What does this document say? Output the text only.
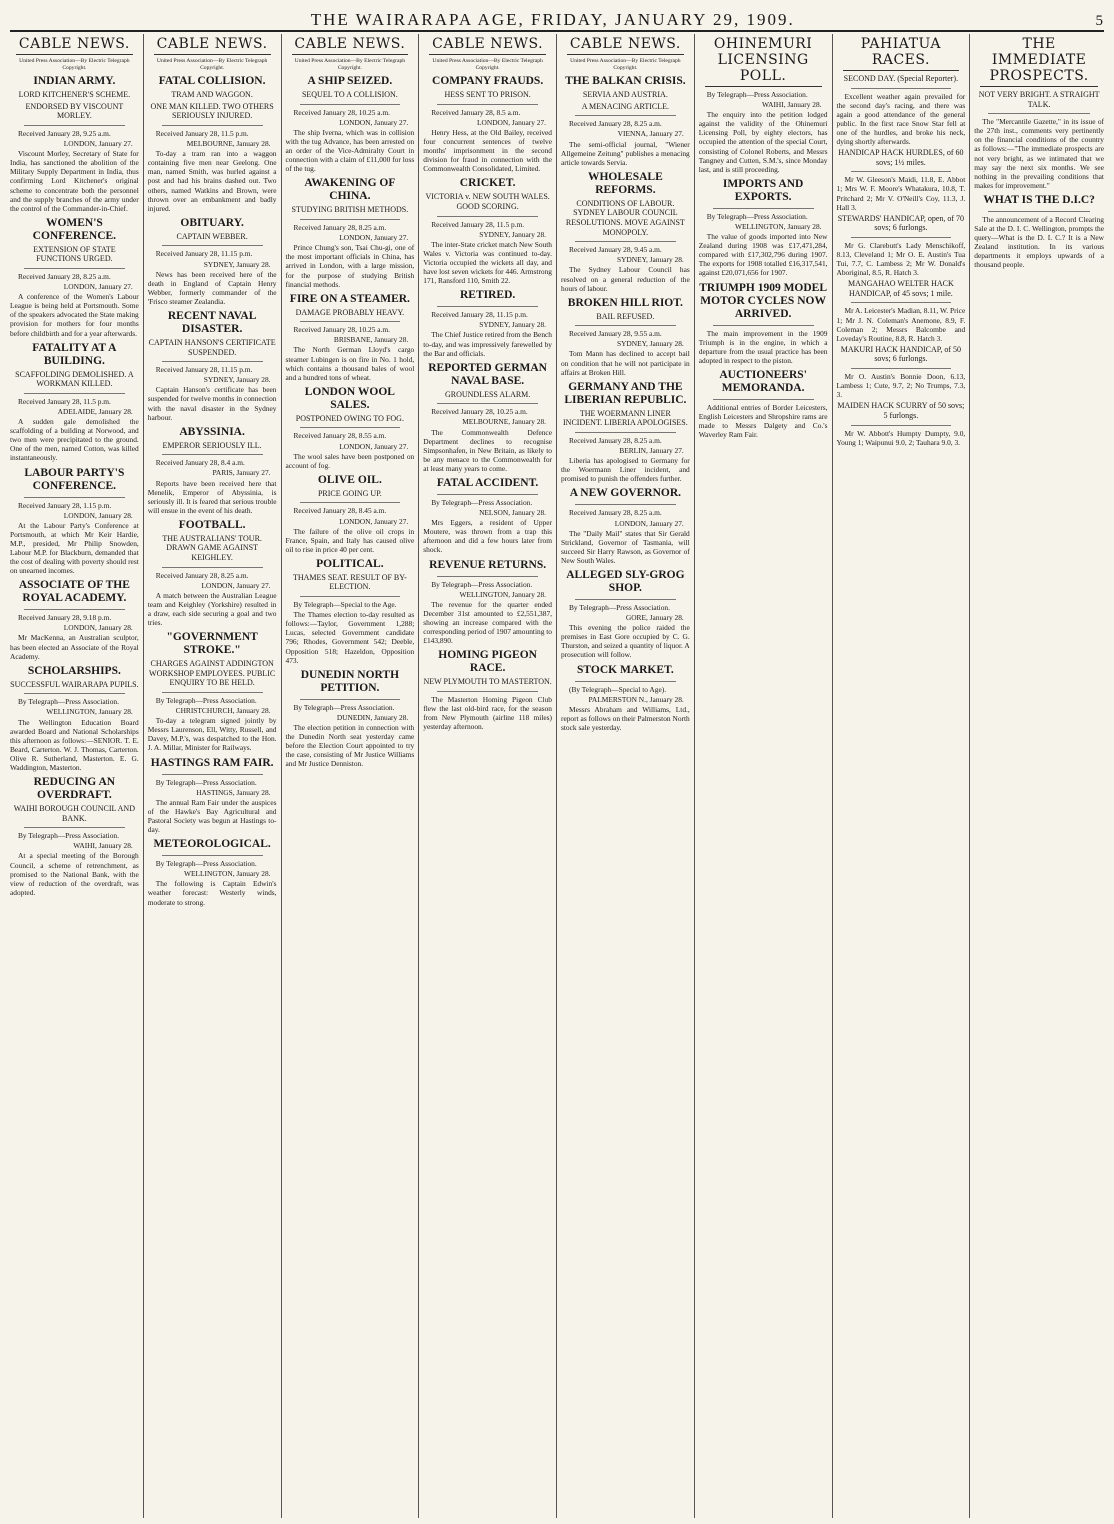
THE WAIRARAPA AGE, FRIDAY, JANUARY 29, 1909.	5
CABLE NEWS.
United Press Association—By Electric Telegraph Copyright.
INDIAN ARMY.
LORD KITCHENER'S SCHEME.
ENDORSED BY VISCOUNT MORLEY.
Received January 28, 9.25 a.m.
LONDON, January 27.

Viscount Morley, Secretary of State for India, has sanctioned the abolition of the Military Supply Department in India, thus confirming Lord Kitchener's original scheme to concentrate both the personnel and the supply branches of the army under the control of the Commander-in-Chief.

WOMEN'S CONFERENCE.
EXTENSION OF STATE FUNCTIONS URGED.
Received January 28, 8.25 a.m.
LONDON, January 27.

A conference of the Women's Labour League is being held at Portsmouth. Some of the speakers advocated the State making provision for mothers for four months before childbirth and for a year afterwards.

FATALITY AT A BUILDING.
SCAFFOLDING DEMOLISHED. A WORKMAN KILLED.
Received January 28, 11.5 p.m.
ADELAIDE, January 28.

A sudden gale demolished the scaffolding of a building at Norwood, and two men were precipitated to the ground. One of the men, named Cotton, was killed instantaneously.

LABOUR PARTY'S CONFERENCE.
Received January 28, 1.15 p.m.
LONDON, January 28.

At the Labour Party's Conference at Portsmouth, at which Mr Keir Hardie, M.P., presided, Mr Philip Snowden, Labour M.P. for Blackburn, demanded that the cost of dealing with poverty should rest on unearned incomes.

ASSOCIATE OF THE ROYAL ACADEMY.
Received January 28, 9.18 p.m.
LONDON, January 28.

Mr MacKenna, an Australian sculptor, has been elected an Associate of the Royal Academy.

SCHOLARSHIPS.
SUCCESSFUL WAIRARAPA PUPILS.
By Telegraph—Press Association.
WELLINGTON, January 28.

The Wellington Education Board awarded Board and National Scholarships this afternoon as follows:—SENIOR. T. E. Beard, Carterton. W. J. Thomas, Carterton. Olive R. Sutherland, Masterton. E. G. Waddington, Masterton.

REDUCING AN OVERDRAFT.
WAIHI BOROUGH COUNCIL AND BANK.
By Telegraph—Press Association.
WAIHI, January 28.

At a special meeting of the Borough Council, a scheme of retrenchment, as promised to the National Bank, with the view of reduction of the overdraft, was adopted.

CABLE NEWS.
United Press Association—By Electric Telegraph Copyright.
FATAL COLLISION.
TRAM AND WAGGON.
ONE MAN KILLED. TWO OTHERS SERIOUSLY INJURED.
Received January 28, 11.5 p.m.
MELBOURNE, January 28.

To-day a tram ran into a waggon containing five men near Geelong. One man, named Smith, was hurled against a post and had his brains dashed out. Two others, named Watkins and Brown, were thrown over an embankment and badly injured.

OBITUARY.
CAPTAIN WEBBER.
Received January 28, 11.15 p.m.
SYDNEY, January 28.

News has been received here of the death in England of Captain Henry Webber, formerly commander of the 'Frisco steamer Zealandia.

RECENT NAVAL DISASTER.
CAPTAIN HANSON'S CERTIFICATE SUSPENDED.
Received January 28, 11.15 p.m.
SYDNEY, January 28.

Captain Hanson's certificate has been suspended for twelve months in connection with the naval disaster in the Sydney harbour.

ABYSSINIA.
EMPEROR SERIOUSLY ILL.
Received January 28, 8.4 a.m.
PARIS, January 27.

Reports have been received here that Menelik, Emperor of Abyssinia, is seriously ill. It is feared that serious trouble will ensue in the event of his death.

FOOTBALL.
THE AUSTRALIANS' TOUR. DRAWN GAME AGAINST KEIGHLEY.
Received January 28, 8.25 a.m.
LONDON, January 27.

A match between the Australian League team and Keighley (Yorkshire) resulted in a draw, each side securing a goal and two tries.

"GOVERNMENT STROKE."
CHARGES AGAINST ADDINGTON WORKSHOP EMPLOYEES. PUBLIC ENQUIRY TO BE HELD.
By Telegraph—Press Association.
CHRISTCHURCH, January 28.

To-day a telegram signed jointly by Messrs Laurenson, Ell, Witty, Russell, and Davey, M.P.'s, was despatched to the Hon. J. A. Millar, Minister for Railways.

HASTINGS RAM FAIR.
By Telegraph—Press Association.
HASTINGS, January 28.

The annual Ram Fair under the auspices of the Hawke's Bay Agricultural and Pastoral Society was begun at Hastings to-day.

METEOROLOGICAL.
By Telegraph—Press Association.
WELLINGTON, January 28.

The following is Captain Edwin's weather forecast: Westerly winds, moderate to strong.

CABLE NEWS.
United Press Association—By Electric Telegraph Copyright.
A SHIP SEIZED.
SEQUEL TO A COLLISION.
Received January 28, 10.25 a.m.
LONDON, January 27.

The ship Iverna, which was in collision with the tug Advance, has been arrested on an order of the Vice-Admiralty Court in connection with a claim of £11,000 for loss of the tug.

AWAKENING OF CHINA.
STUDYING BRITISH METHODS.
Received January 28, 8.25 a.m.
LONDON, January 27.

Prince Chung's son, Tsai Chu-gi, one of the most important officials in China, has arrived in London, with a large mission, for the purpose of studying British financial methods.

FIRE ON A STEAMER.
DAMAGE PROBABLY HEAVY.
Received January 28, 10.25 a.m.
BRISBANE, January 28.

The North German Lloyd's cargo steamer Lubingen is on fire in No. 1 hold, which contains a thousand bales of wool and a hundred tons of wheat.

LONDON WOOL SALES.
POSTPONED OWING TO FOG.
Received January 28, 8.55 a.m.
LONDON, January 27.

The wool sales have been postponed on account of fog.

OLIVE OIL.
PRICE GOING UP.
Received January 28, 8.45 a.m.
LONDON, January 27.

The failure of the olive oil crops in France, Spain, and Italy has caused olive oil to rise in price 40 per cent.

POLITICAL.
THAMES SEAT. RESULT OF BY-ELECTION.
By Telegraph—Special to the Age.

The Thames election to-day resulted as follows:—Taylor, Government 1,288; Lucas, selected Government candidate 796; Rhodes, Government 542; Deeble, Opposition 518; Hazeldon, Opposition 473.

DUNEDIN NORTH PETITION.
By Telegraph—Press Association.
DUNEDIN, January 28.

The election petition in connection with the Dunedin North seat yesterday came before the Election Court appointed to try the case, consisting of Mr Justice Williams and Mr Justice Denniston.

CABLE NEWS.
United Press Association—By Electric Telegraph Copyright.
COMPANY FRAUDS.
HESS SENT TO PRISON.
Received January 28, 8.5 a.m.
LONDON, January 27.

Henry Hess, at the Old Bailey, received four concurrent sentences of twelve months' imprisonment in the second division for fraud in connection with the Commonwealth Consolidated, Limited.

CRICKET.
VICTORIA v. NEW SOUTH WALES. GOOD SCORING.
Received January 28, 11.5 p.m.
SYDNEY, January 28.

The inter-State cricket match New South Wales v. Victoria was continued to-day. Victoria occupied the wickets all day, and have lost seven wickets for 446. Armstrong 171, Ransford 110, Smith 22.

RETIRED.
Received January 28, 11.15 p.m.
SYDNEY, January 28.

The Chief Justice retired from the Bench to-day, and was impressively farewelled by the Bar and officials.

REPORTED GERMAN NAVAL BASE.
GROUNDLESS ALARM.
Received January 28, 10.25 a.m.
MELBOURNE, January 28.

The Commonwealth Defence Department declines to recognise Simpsonhafen, in New Britain, as likely to be any menace to the Commonwealth for at least many years to come.

FATAL ACCIDENT.
By Telegraph—Press Association.
NELSON, January 28.

Mrs Eggers, a resident of Upper Moutere, was thrown from a trap this afternoon and did a few hours later from shock.

REVENUE RETURNS.
By Telegraph—Press Association.
WELLINGTON, January 28.

The revenue for the quarter ended December 31st amounted to £2,551,387, showing an increase compared with the corresponding period of 1907 amounting to £143,890.

HOMING PIGEON RACE.
NEW PLYMOUTH TO MASTERTON.

The Masterton Homing Pigeon Club flew the last old-bird race, for the season from New Plymouth (airline 118 miles) yesterday afternoon.

CABLE NEWS.
United Press Association—By Electric Telegraph Copyright.
THE BALKAN CRISIS.
SERVIA AND AUSTRIA.
A MENACING ARTICLE.
Received January 28, 8.25 a.m.
VIENNA, January 27.

The semi-official journal, "Wiener Allgemeine Zeitung" publishes a menacing article towards Servia.

WHOLESALE REFORMS.
CONDITIONS OF LABOUR. SYDNEY LABOUR COUNCIL RESOLUTIONS. MOVE AGAINST MONOPOLY.
Received January 28, 9.45 a.m.
SYDNEY, January 28.

The Sydney Labour Council has resolved on a general reduction of the hours of labour.

BROKEN HILL RIOT.
BAIL REFUSED.
Received January 28, 9.55 a.m.
SYDNEY, January 28.

Tom Mann has declined to accept bail on condition that he will not participate in affairs at Broken Hill.

GERMANY AND THE LIBERIAN REPUBLIC.
THE WOERMANN LINER INCIDENT. LIBERIA APOLOGISES.
Received January 28, 8.25 a.m.
BERLIN, January 27.

Liberia has apologised to Germany for the Woermann Liner incident, and promised to punish the offenders further.

A NEW GOVERNOR.
Received January 28, 8.25 a.m.
LONDON, January 27.

The "Daily Mail" states that Sir Gerald Strickland, Governor of Tasmania, will succeed Sir Harry Rawson, as Governor of New South Wales.

ALLEGED SLY-GROG SHOP.
By Telegraph—Press Association.
GORE, January 28.

This evening the police raided the premises in East Gore occupied by C. G. Thurston, and seized a quantity of liquor. A prosecution will follow.

STOCK MARKET.
(By Telegraph—Special to Age).
PALMERSTON N., January 28.

Messrs Abraham and Williams, Ltd., report as follows on their Palmerston North stock sale yesterday.

OHINEMURI LICENSING POLL.
By Telegraph—Press Association.
WAIHI, January 28.

The enquiry into the petition lodged against the validity of the Ohinemuri Licensing Poll, by eighty electors, has occupied the attention of the special Court, consisting of Colonel Roberts, and Messrs Tangney and Cutten, S.M.'s, since Monday last, and is still proceeding.

IMPORTS AND EXPORTS.
By Telegraph—Press Association.
WELLINGTON, January 28.

The value of goods imported into New Zealand during 1908 was £17,471,284, compared with £17,302,796 during 1907. The exports for 1908 totalled £16,317,541, against £20,071,656 for 1907.

TRIUMPH 1909 MODEL MOTOR CYCLES NOW ARRIVED.

The main improvement in the 1909 Triumph is in the engine, in which a departure from the usual practice has been adopted in respect to the piston.

AUCTIONEERS' MEMORANDA.

Additional entries of Border Leicesters, English Leicesters and Shropshire rams are made to Messrs Dalgety and Co.'s Waverley Ram Fair.

PAHIATUA RACES.
SECOND DAY. (Special Reporter).

Excellent weather again prevailed for the second day's racing, and there was again a good attendance of the general public. In the first race Snow Star fell at one of the hurdles, and broke his neck, dying shortly afterwards.

HANDICAP HACK HURDLES, of 60 sovs; 1½ miles.

Mr W. Gleeson's Maidi, 11.8, E. Abbot 1; Mrs W. F. Moore's Whatakura, 10.8, T. Pritchard 2; Mr V. O'Neill's Coy, 11.3, J. Hall 3.

STEWARDS' HANDICAP, open, of 70 sovs; 6 furlongs.

Mr G. Clarebutt's Lady Menschikoff, 8.13, Cleveland 1; Mr O. E. Austin's Tua Tui, 7.7, C. Lambess 2; Mr W. Donald's Aboriginal, 8.5, R. Hatch 3.

MANGAHAO WELTER HACK HANDICAP, of 45 sovs; 1 mile.

Mr A. Leicester's Madian, 8.11, W. Price 1; Mr J. N. Coleman's Anemone, 8.9, F. Coleman 2; Messrs Balcombe and Loveday's Routine, 8.8, R. Hatch 3.

MAKURI HACK HANDICAP, of 50 sovs; 6 furlongs.

Mr O. Austin's Bonnie Doon, 6.13, Lambess 1; Cute, 9.7, 2; No Trumps, 7.3, 3.

MAIDEN HACK SCURRY of 50 sovs; 5 furlongs.

Mr W. Abbott's Humpty Dumpty, 9.0, Young 1; Waipunui 9.0, 2; Tauhara 9.0, 3.

THE IMMEDIATE PROSPECTS.
NOT VERY BRIGHT. A STRAIGHT TALK.

The "Mercantile Gazette," in its issue of the 27th inst., comments very pertinently on the financial conditions of the country as follows:—"The immediate prospects are not very bright, as we intimated that we may say the next six months. We see nothing in the prevailing conditions that makes for improvement."

WHAT IS THE D.I.C?

The announcement of a Record Clearing Sale at the D. I. C. Wellington, prompts the query—What is the D. I. C.? It is a New Zealand institution. In its various departments it employs upwards of a thousand people.
